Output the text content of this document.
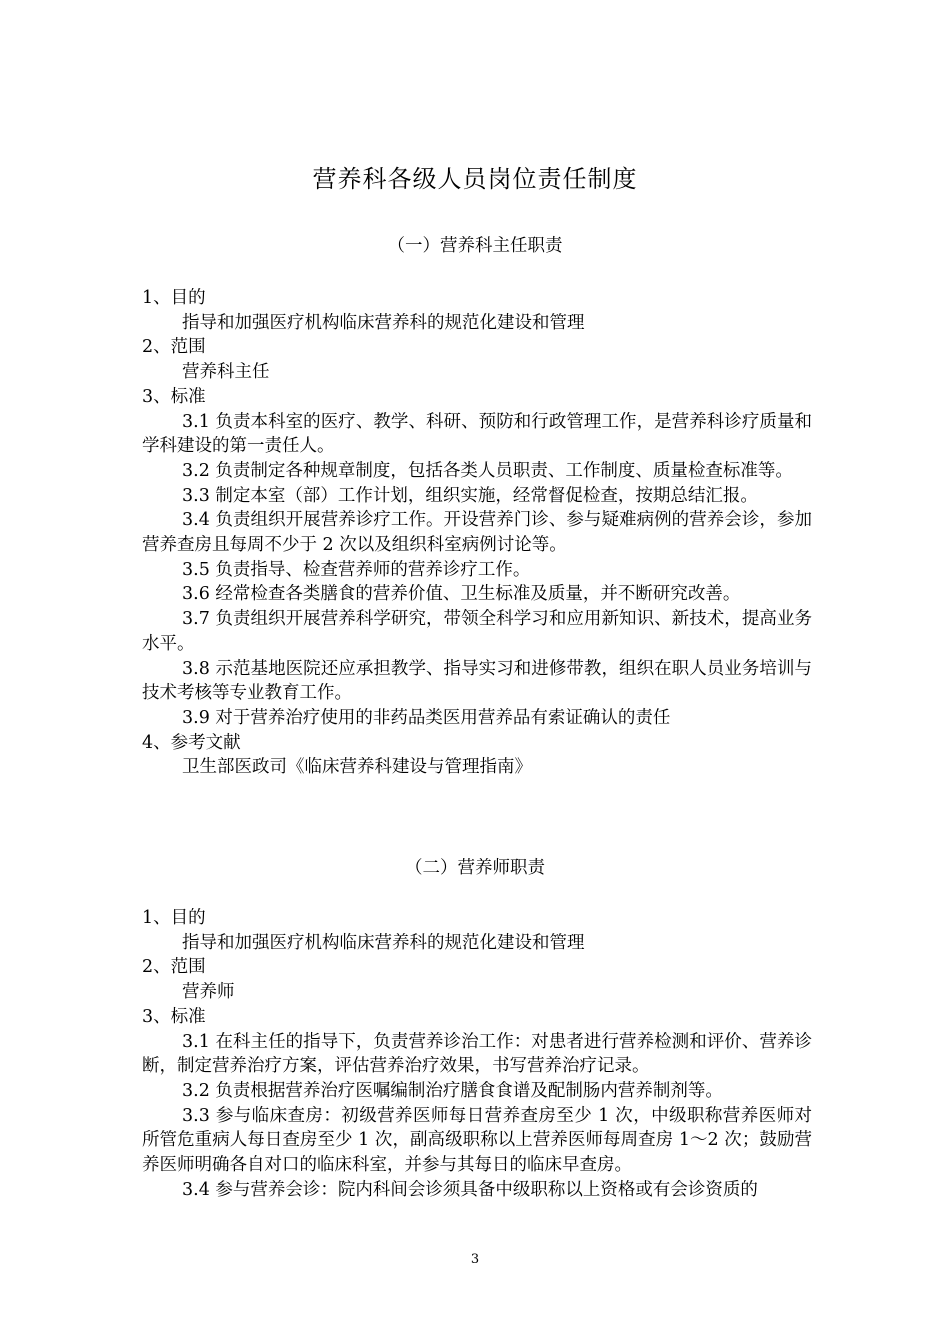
营养科各级人员岗位责任制度
（一）营养科主任职责

1、目的

指导和加强医疗机构临床营养科的规范化建设和管理

2、范围

营养科主任

3、标准

3.1 负责本科室的医疗、教学、科研、预防和行政管理工作，是营养科诊疗质量和学科建设的第一责任人。

3.2 负责制定各种规章制度，包括各类人员职责、工作制度、质量检查标准等。

3.3 制定本室（部）工作计划，组织实施，经常督促检查，按期总结汇报。

3.4 负责组织开展营养诊疗工作。开设营养门诊、参与疑难病例的营养会诊，参加营养查房且每周不少于 2 次以及组织科室病例讨论等。

3.5 负责指导、检查营养师的营养诊疗工作。

3.6 经常检查各类膳食的营养价值、卫生标准及质量，并不断研究改善。

3.7 负责组织开展营养科学研究，带领全科学习和应用新知识、新技术，提高业务水平。

3.8 示范基地医院还应承担教学、指导实习和进修带教，组织在职人员业务培训与技术考核等专业教育工作。

3.9 对于营养治疗使用的非药品类医用营养品有索证确认的责任

4、参考文献

卫生部医政司《临床营养科建设与管理指南》

（二）营养师职责

1、目的

指导和加强医疗机构临床营养科的规范化建设和管理

2、范围

营养师

3、标准

3.1 在科主任的指导下，负责营养诊治工作：对患者进行营养检测和评价、营养诊断，制定营养治疗方案，评估营养治疗效果，书写营养治疗记录。

3.2 负责根据营养治疗医嘱编制治疗膳食食谱及配制肠内营养制剂等。

3.3 参与临床查房：初级营养医师每日营养查房至少 1 次，中级职称营养医师对所管危重病人每日查房至少 1 次，副高级职称以上营养医师每周查房 1～2 次；鼓励营养医师明确各自对口的临床科室，并参与其每日的临床早查房。

3.4 参与营养会诊：院内科间会诊须具备中级职称以上资格或有会诊资质的

3
